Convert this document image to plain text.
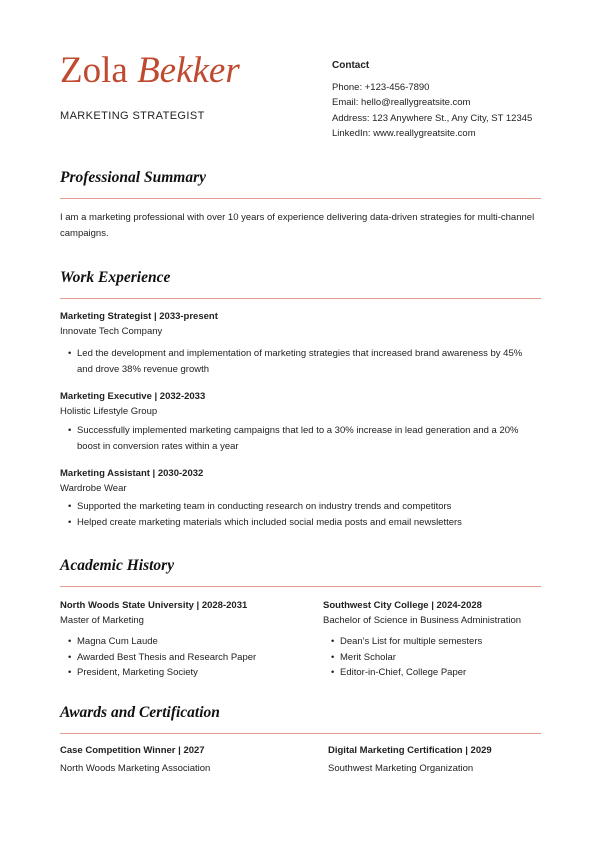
Zola Bekker
MARKETING STRATEGIST
Contact
Phone: +123-456-7890
Email: hello@reallygreatsite.com
Address: 123 Anywhere St., Any City, ST 12345
LinkedIn: www.reallygreatsite.com
Professional Summary
I am a marketing professional with over 10 years of experience delivering data-driven strategies for multi-channel campaigns.
Work Experience
Marketing Strategist | 2033-present
Innovate Tech Company
• Led the development and implementation of marketing strategies that increased brand awareness by 45% and drove 38% revenue growth
Marketing Executive | 2032-2033
Holistic Lifestyle Group
• Successfully implemented marketing campaigns that led to a 30% increase in lead generation and a 20% boost in conversion rates within a year
Marketing Assistant | 2030-2032
Wardrobe Wear
• Supported the marketing team in conducting research on industry trends and competitors
• Helped create marketing materials which included social media posts and email newsletters
Academic History
North Woods State University | 2028-2031
Master of Marketing
• Magna Cum Laude
• Awarded Best Thesis and Research Paper
• President, Marketing Society
Southwest City College | 2024-2028
Bachelor of Science in Business Administration
• Dean's List for multiple semesters
• Merit Scholar
• Editor-in-Chief, College Paper
Awards and Certification
Case Competition Winner | 2027
North Woods Marketing Association
Digital Marketing Certification | 2029
Southwest Marketing Organization
